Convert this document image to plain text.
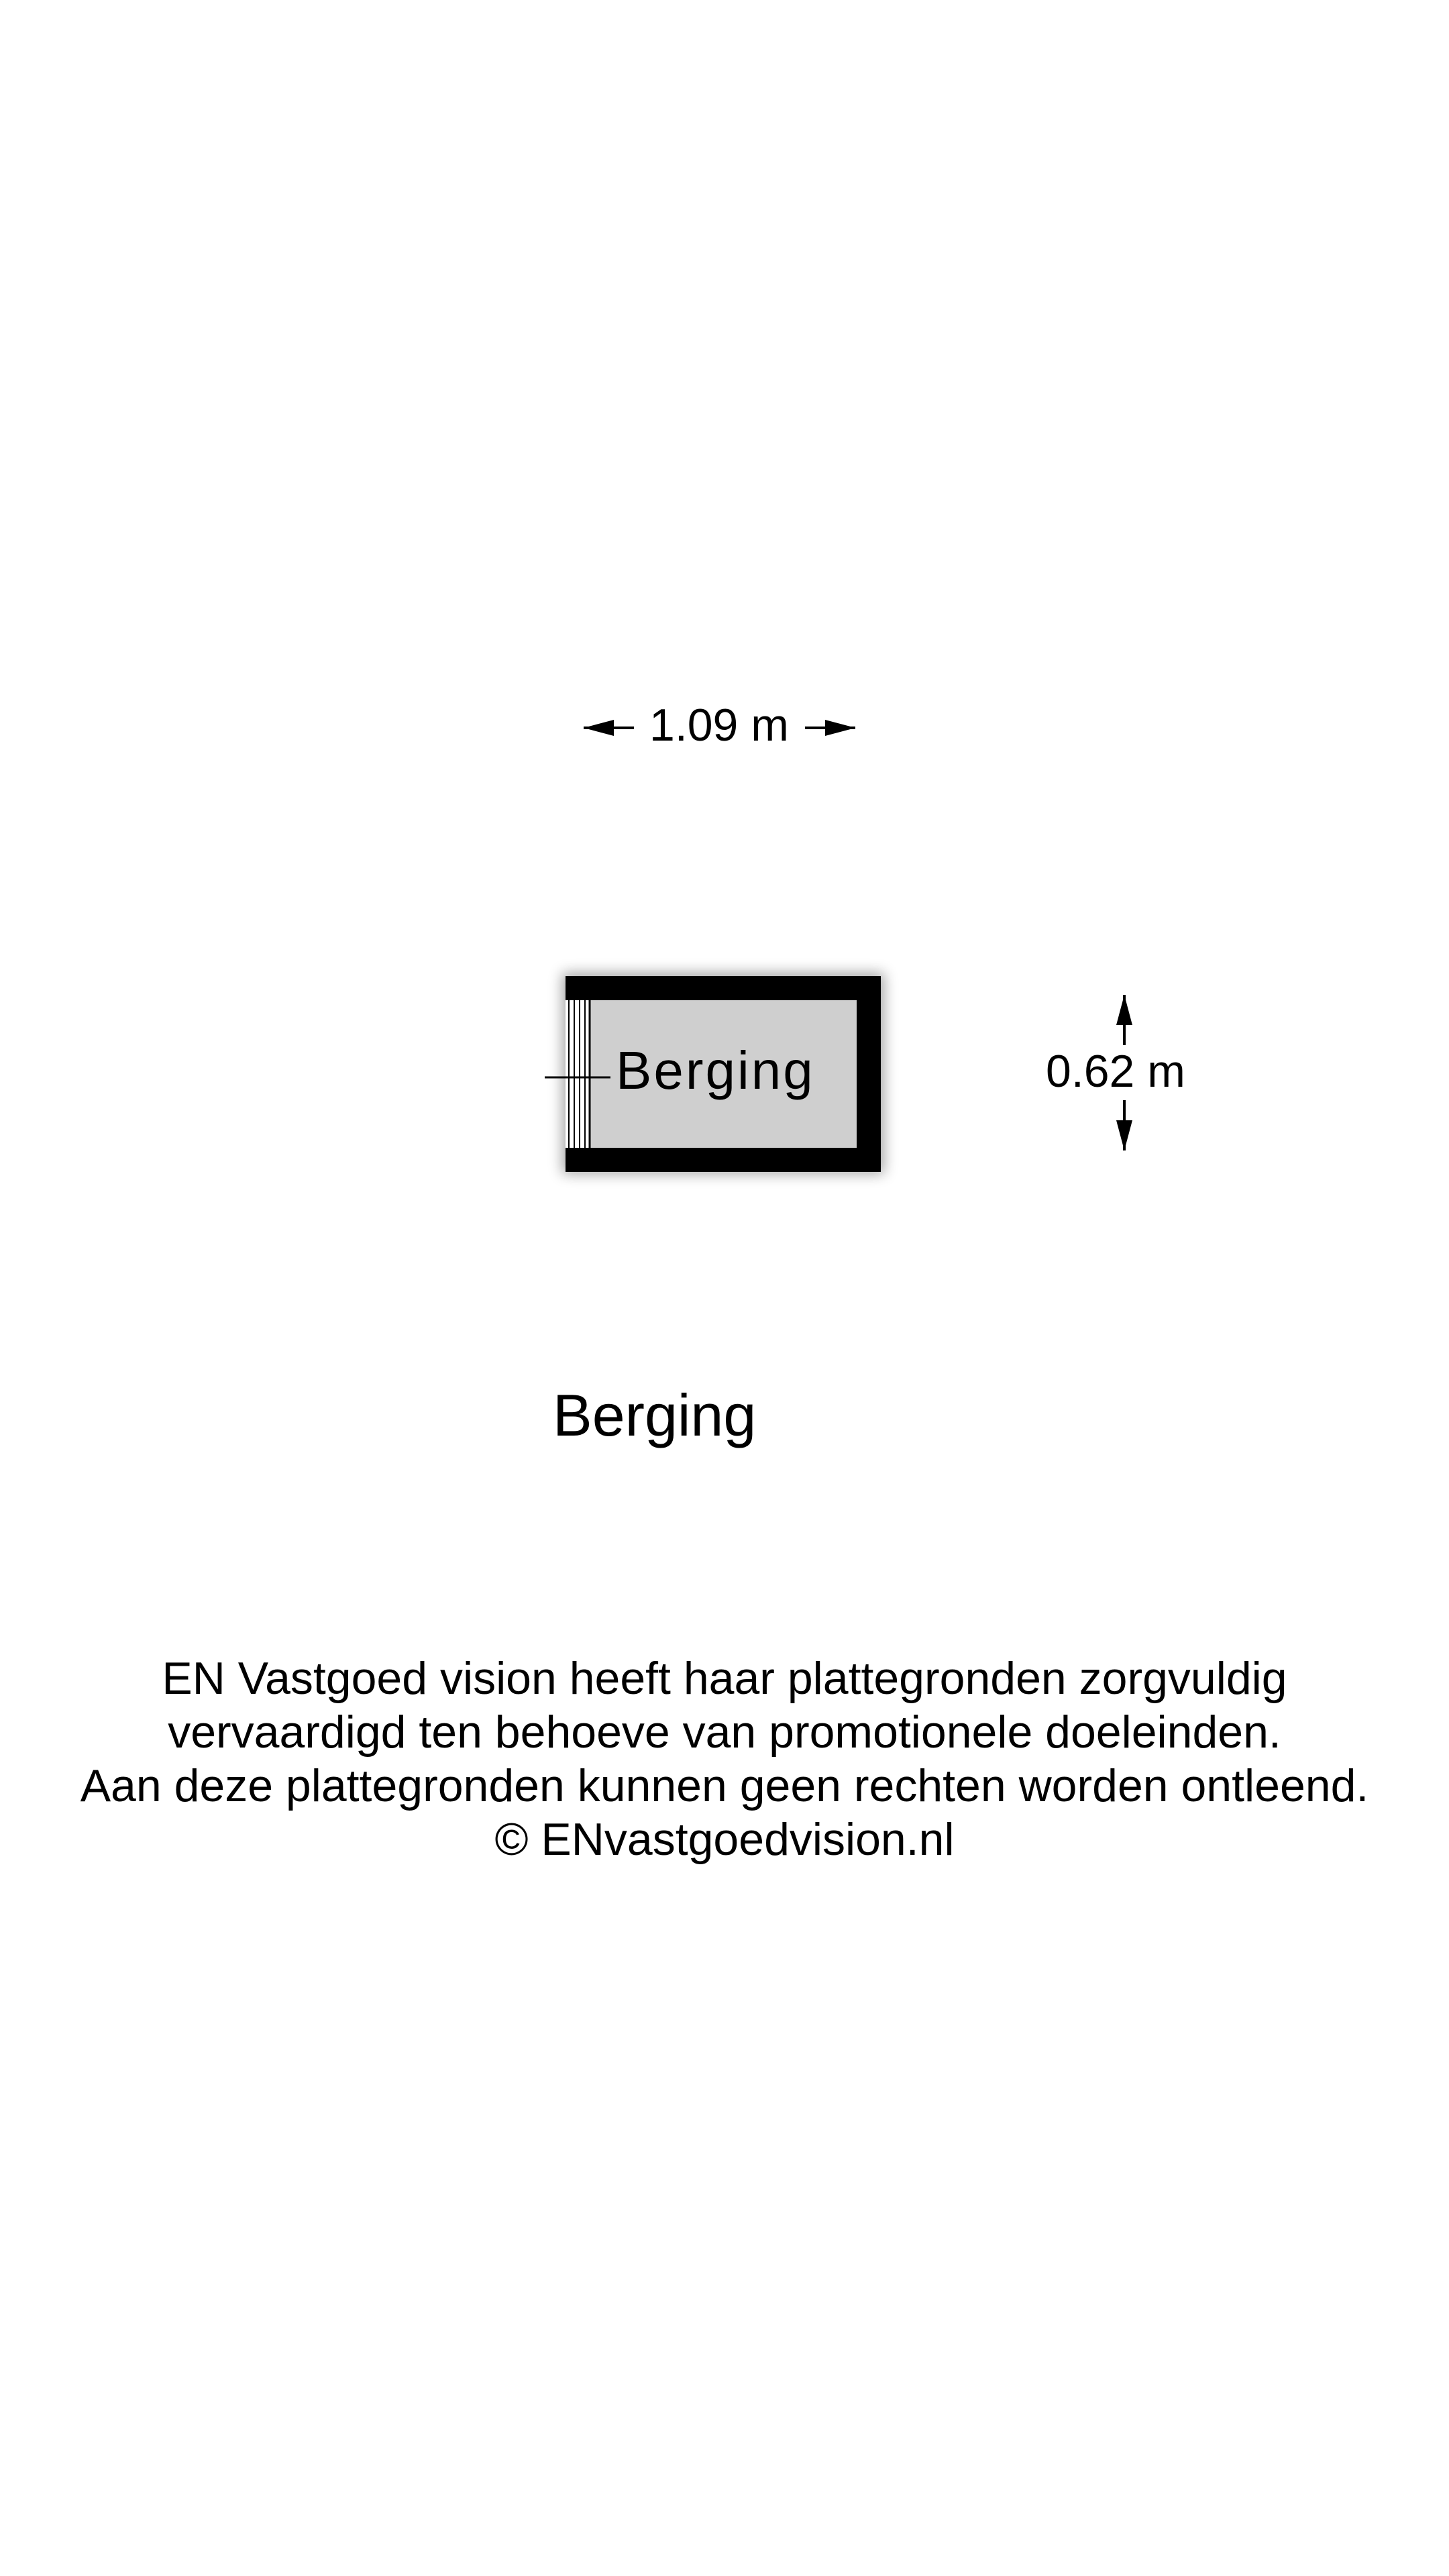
1.09 m
0.62 m
Berging
Berging
EN Vastgoed vision heeft haar plattegronden zorgvuldig
vervaardigd ten behoeve van promotionele doeleinden.
Aan deze plattegronden kunnen geen rechten worden ontleend.
© ENvastgoedvision.nl
